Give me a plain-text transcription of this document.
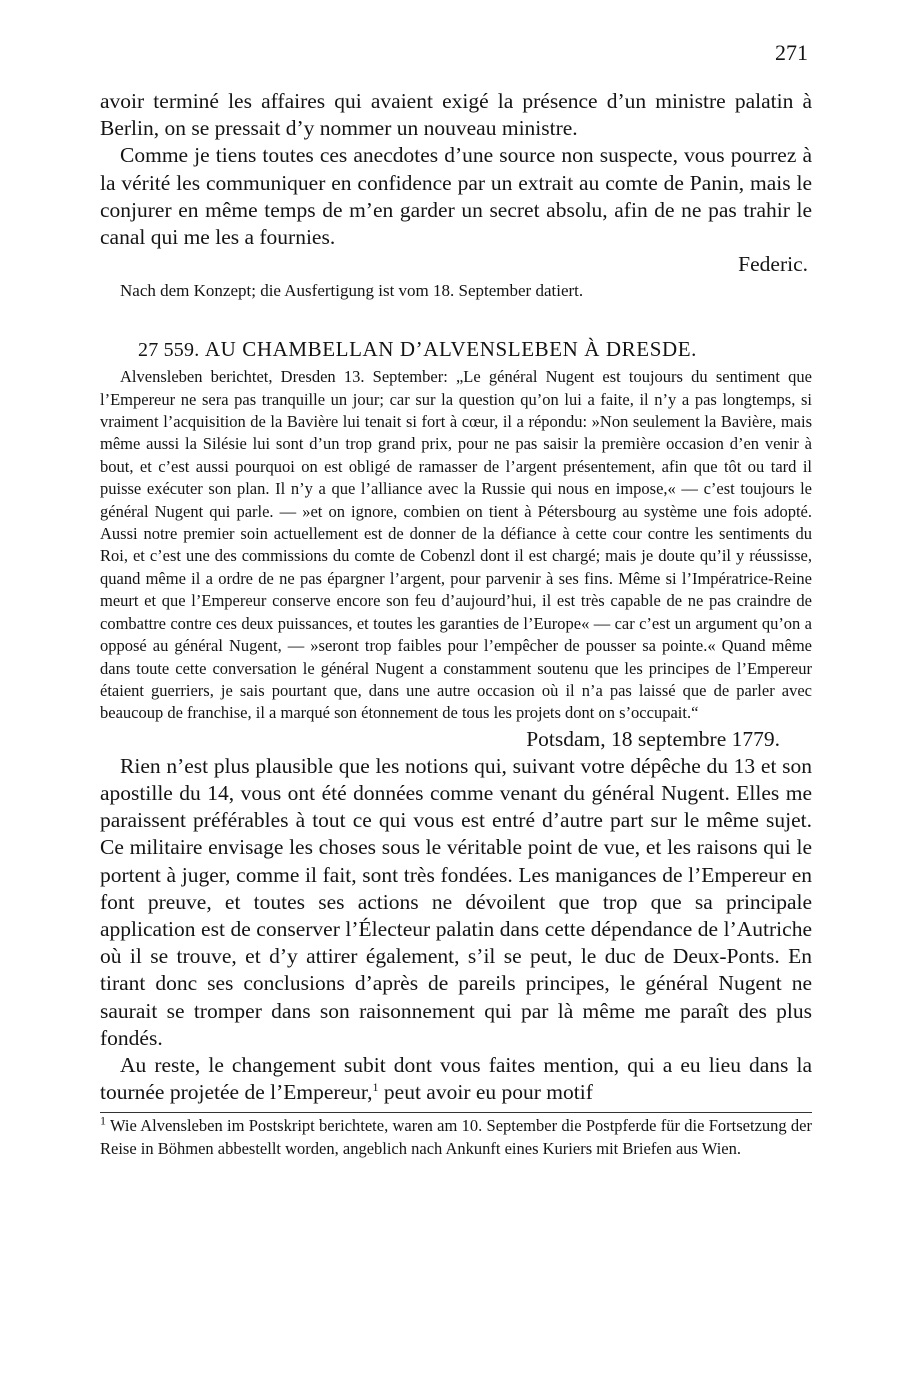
271

avoir terminé les affaires qui avaient exigé la présence d’un ministre palatin à Berlin, on se pressait d’y nommer un nouveau ministre.

Comme je tiens toutes ces anecdotes d’une source non suspecte, vous pourrez à la vérité les communiquer en confidence par un extrait au comte de Panin, mais le conjurer en même temps de m’en garder un secret absolu, afin de ne pas trahir le canal qui me les a fournies.

Federic.
Nach dem Konzept; die Ausfertigung ist vom 18. September datiert.
27 559. AU CHAMBELLAN D’ALVENSLEBEN À DRESDE.

Alvensleben berichtet, Dresden 13. September: „Le général Nugent est toujours du sentiment que l’Empereur ne sera pas tranquille un jour; car sur la question qu’on lui a faite, il n’y a pas longtemps, si vraiment l’acquisition de la Bavière lui tenait si fort à cœur, il a répondu: »Non seulement la Bavière, mais même aussi la Silésie lui sont d’un trop grand prix, pour ne pas saisir la première occasion d’en venir à bout, et c’est aussi pourquoi on est obligé de ramasser de l’argent présentement, afin que tôt ou tard il puisse exécuter son plan. Il n’y a que l’alliance avec la Russie qui nous en impose,« — c’est toujours le général Nugent qui parle. — »et on ignore, combien on tient à Pétersbourg au système une fois adopté. Aussi notre premier soin actuellement est de donner de la défiance à cette cour contre les sentiments du Roi, et c’est une des commissions du comte de Cobenzl dont il est chargé; mais je doute qu’il y réussisse, quand même il a ordre de ne pas épargner l’argent, pour parvenir à ses fins. Même si l’Impératrice-Reine meurt et que l’Empereur conserve encore son feu d’aujourd’hui, il est très capable de ne pas craindre de combattre contre ces deux puissances, et toutes les garanties de l’Europe« — car c’est un argument qu’on a opposé au général Nugent, — »seront trop faibles pour l’empêcher de pousser sa pointe.« Quand même dans toute cette conversation le général Nugent a constamment soutenu que les principes de l’Empereur étaient guerriers, je sais pourtant que, dans une autre occasion où il n’a pas laissé que de parler avec beaucoup de franchise, il a marqué son étonnement de tous les projets dont on s’occupait.“

Potsdam, 18 septembre 1779.

Rien n’est plus plausible que les notions qui, suivant votre dépêche du 13 et son apostille du 14, vous ont été données comme venant du général Nugent. Elles me paraissent préférables à tout ce qui vous est entré d’autre part sur le même sujet. Ce militaire envisage les choses sous le véritable point de vue, et les raisons qui le portent à juger, comme il fait, sont très fondées. Les manigances de l’Empereur en font preuve, et toutes ses actions ne dévoilent que trop que sa principale application est de conserver l’Électeur palatin dans cette dépendance de l’Autriche où il se trouve, et d’y attirer également, s’il se peut, le duc de Deux-Ponts. En tirant donc ses conclusions d’après de pareils principes, le général Nugent ne saurait se tromper dans son raisonnement qui par là même me paraît des plus fondés.

Au reste, le changement subit dont vous faites mention, qui a eu lieu dans la tournée projetée de l’Empereur,$^1$ peut avoir eu pour motif

$^1$ Wie Alvensleben im Postskript berichtete, waren am 10. September die Postpferde für die Fortsetzung der Reise in Böhmen abbestellt worden, angeblich nach Ankunft eines Kuriers mit Briefen aus Wien.
